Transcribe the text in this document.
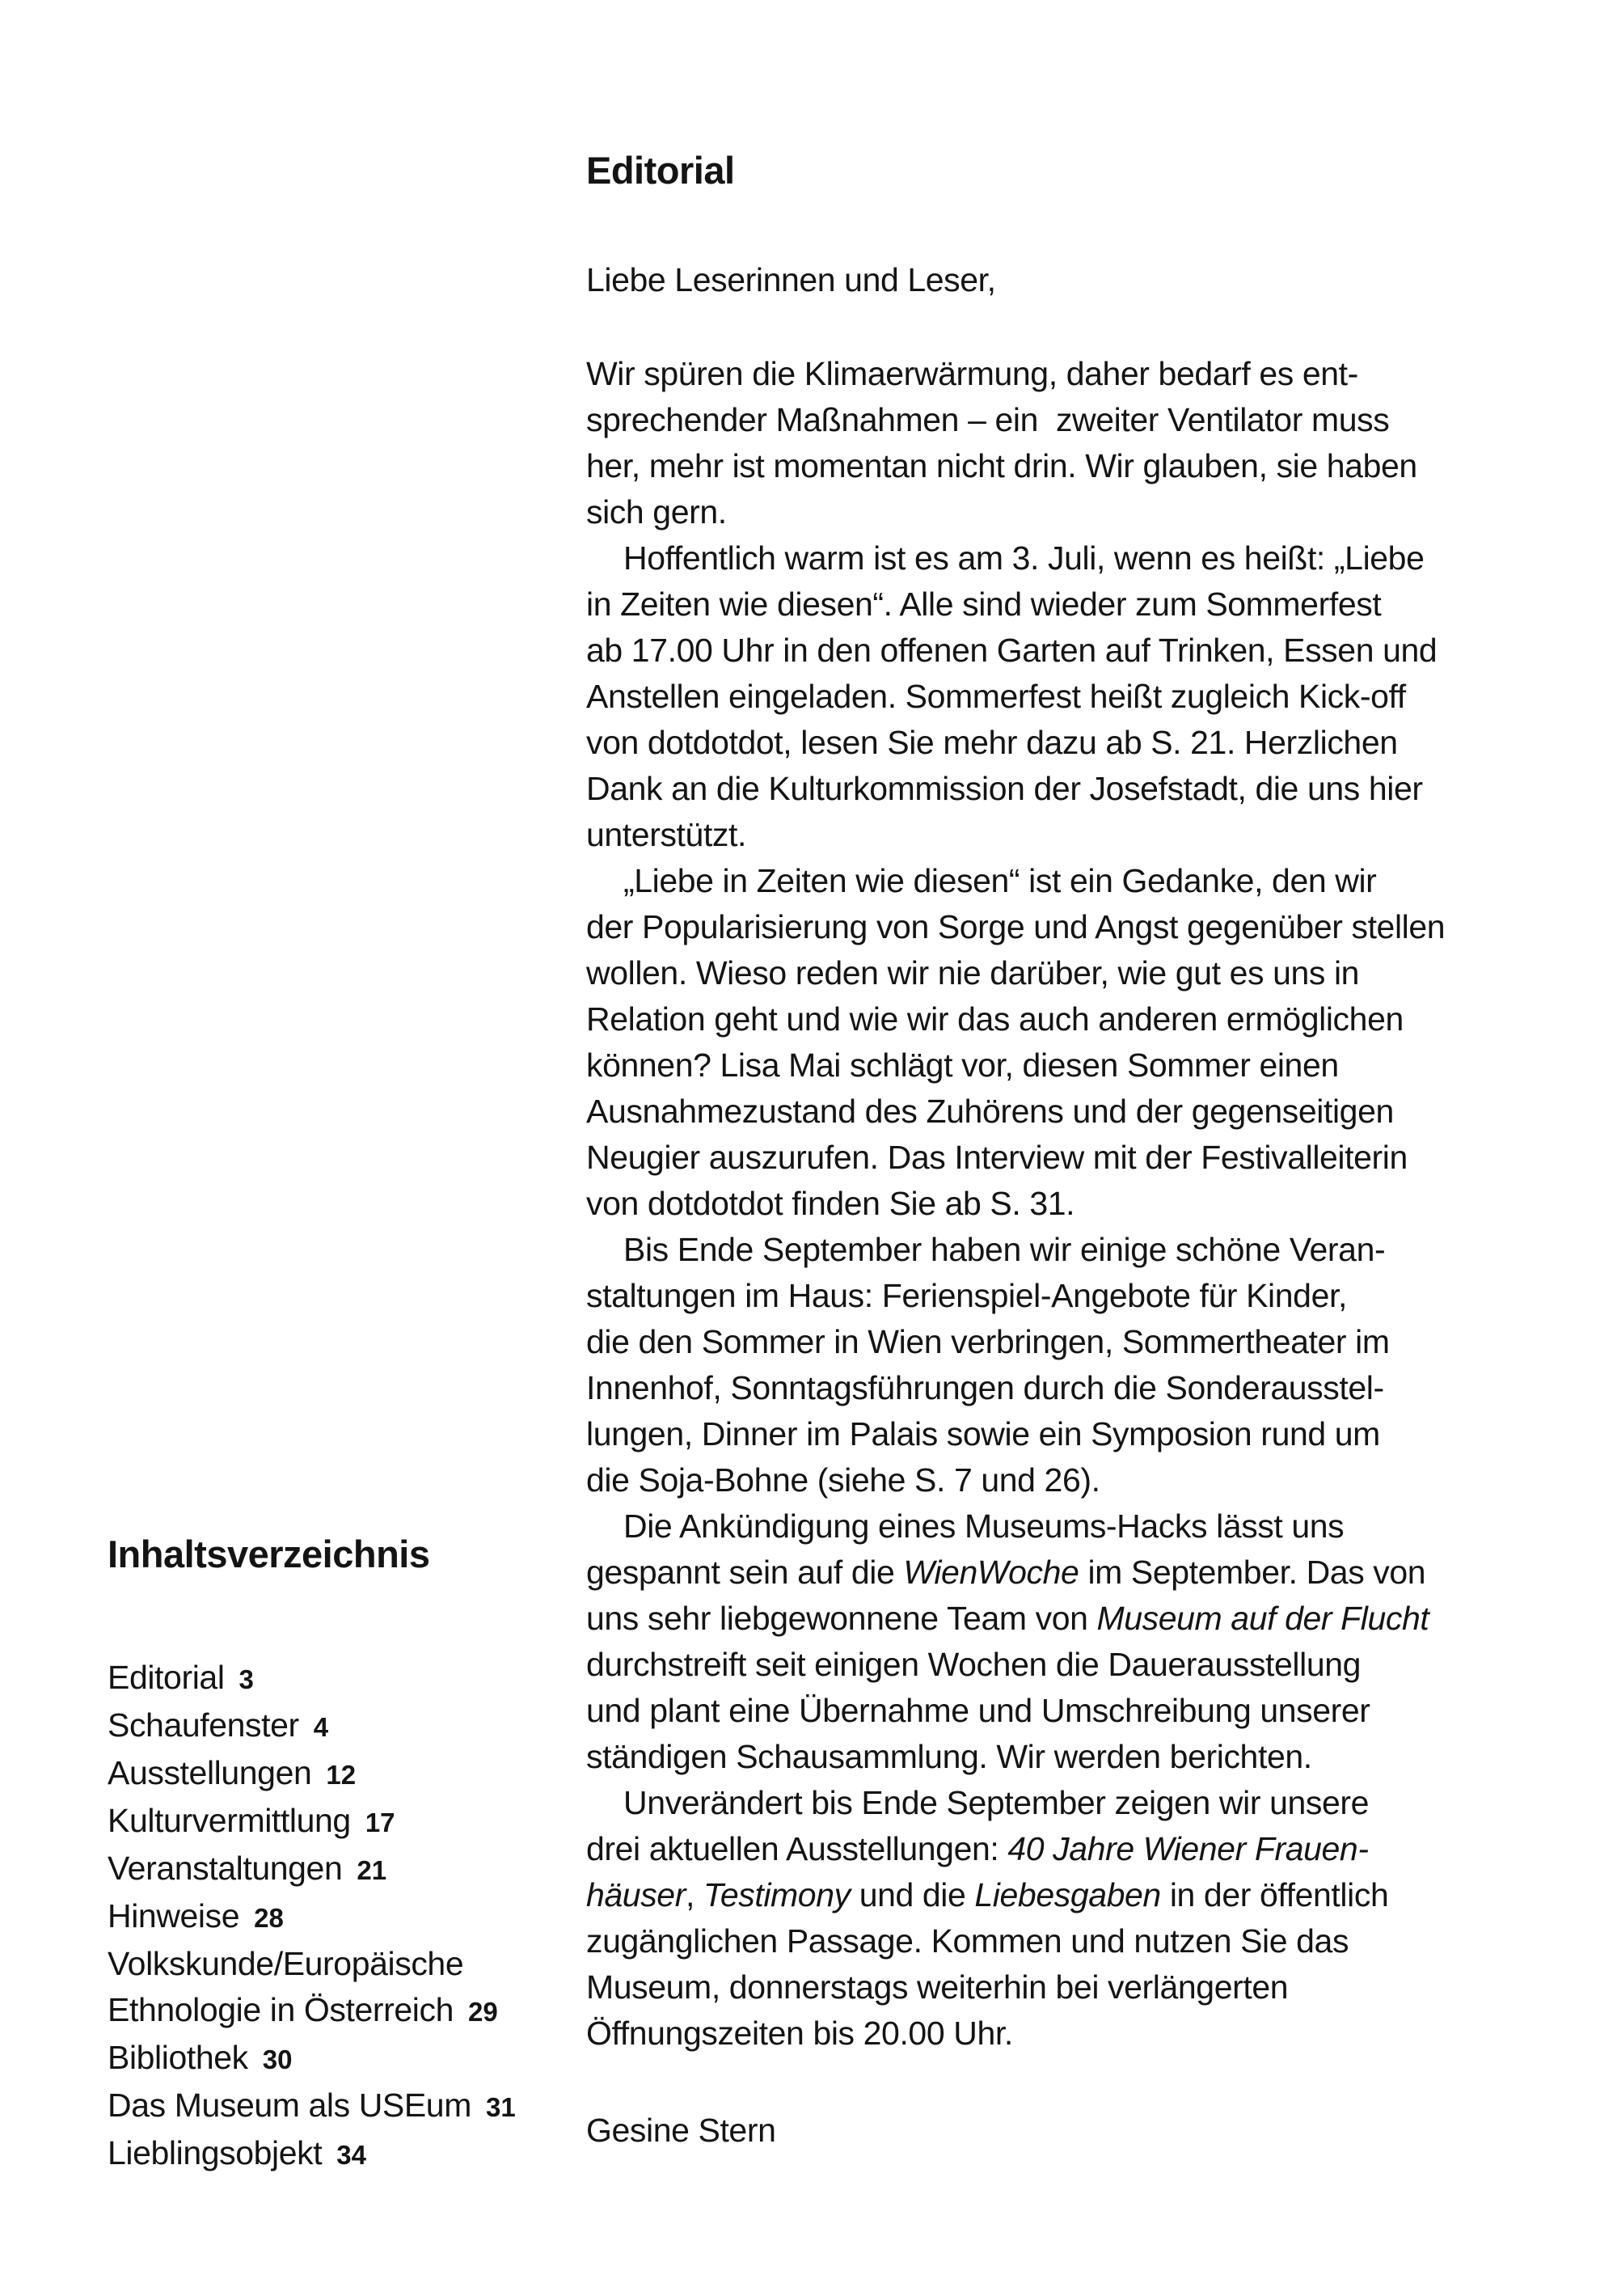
Inhaltsverzeichnis
Editorial 3
Schaufenster 4
Ausstellungen 12
Kulturvermittlung 17
Veranstaltungen 21
Hinweise 28
Volkskunde/Europäische
Ethnologie in Österreich 29
Bibliothek 30
Das Museum als USEum 31
Lieblingsobjekt 34
Editorial

Liebe Leserinnen und Leser,

Wir spüren die Klimaerwärmung, daher bedarf es ent-
sprechender Maßnahmen – ein  zweiter Ventilator muss
her, mehr ist momentan nicht drin. Wir glauben, sie haben
sich gern.
Hoffentlich warm ist es am 3. Juli, wenn es heißt: „Liebe
in Zeiten wie diesen“. Alle sind wieder zum Sommerfest
ab 17.00 Uhr in den offenen Garten auf Trinken, Essen und
Anstellen eingeladen. Sommerfest heißt zugleich Kick-off
von dotdotdot, lesen Sie mehr dazu ab S. 21. Herzlichen
Dank an die Kulturkommission der Josefstadt, die uns hier
unterstützt.
„Liebe in Zeiten wie diesen“ ist ein Gedanke, den wir
der Popularisierung von Sorge und Angst gegenüber stellen
wollen. Wieso reden wir nie darüber, wie gut es uns in
Relation geht und wie wir das auch anderen ermöglichen
können? Lisa Mai schlägt vor, diesen Sommer einen
Ausnahmezustand des Zuhörens und der gegenseitigen
Neugier auszurufen. Das Interview mit der Festivalleiterin
von dotdotdot finden Sie ab S. 31.
Bis Ende September haben wir einige schöne Veran-
staltungen im Haus: Ferienspiel-Angebote für Kinder,
die den Sommer in Wien verbringen, Sommertheater im
Innenhof, Sonntagsführungen durch die Sonderausstel-
lungen, Dinner im Palais sowie ein Symposion rund um
die Soja-Bohne (siehe S. 7 und 26).
Die Ankündigung eines Museums-Hacks lässt uns
gespannt sein auf die WienWoche im September. Das von
uns sehr liebgewonnene Team von Museum auf der Flucht
durchstreift seit einigen Wochen die Dauerausstellung
und plant eine Übernahme und Umschreibung unserer
ständigen Schausammlung. Wir werden berichten.
Unverändert bis Ende September zeigen wir unsere
drei aktuellen Ausstellungen: 40 Jahre Wiener Frauen-
häuser, Testimony und die Liebesgaben in der öffentlich
zugänglichen Passage. Kommen und nutzen Sie das
Museum, donnerstags weiterhin bei verlängerten
Öffnungszeiten bis 20.00 Uhr.

Gesine Stern
